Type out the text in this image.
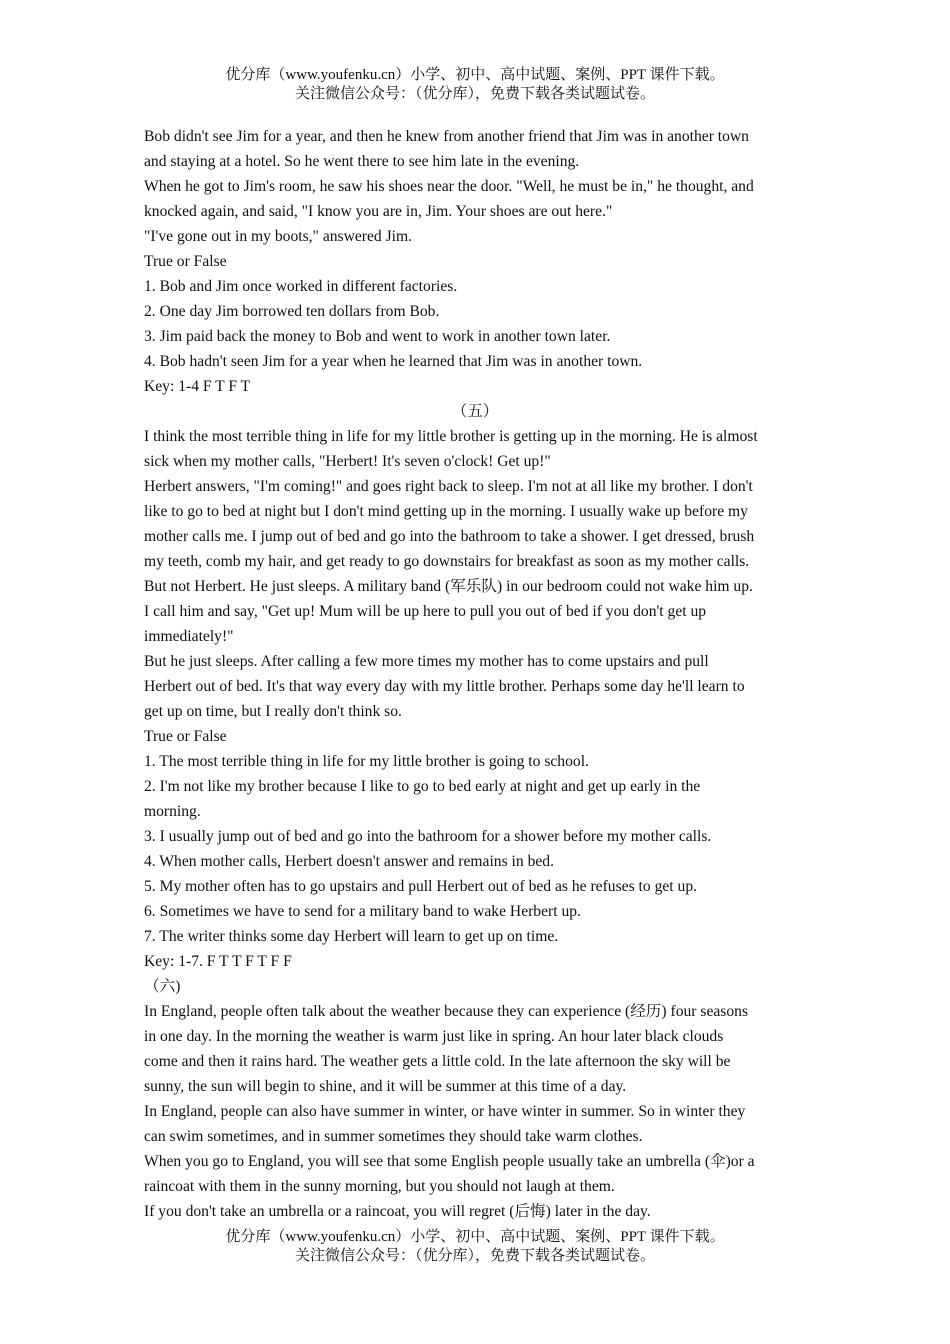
优分库（www.youfenku.cn）小学、初中、高中试题、案例、PPT 课件下载。
关注微信公众号：（优分库），免费下载各类试题试卷。
Bob didn't see Jim for a year, and then he knew from another friend that Jim was in another town
and staying at a hotel. So he went there to see him late in the evening.
When he got to Jim's room, he saw his shoes near the door. "Well, he must be in," he thought, and
knocked again, and said, "I know you are in, Jim. Your shoes are out here."
"I've gone out in my boots," answered Jim.
True or False
1. Bob and Jim once worked in different factories.
2. One day Jim borrowed ten dollars from Bob.
3. Jim paid back the money to Bob and went to work in another town later.
4. Bob hadn't seen Jim for a year when he learned that Jim was in another town.
Key: 1-4 F T F T
（五）
I think the most terrible thing in life for my little brother is getting up in the morning. He is almost
sick when my mother calls, "Herbert! It's seven o'clock! Get up!"
Herbert answers, "I'm coming!" and goes right back to sleep. I'm not at all like my brother. I don't
like to go to bed at night but I don't mind getting up in the morning. I usually wake up before my
mother calls me. I jump out of bed and go into the bathroom to take a shower. I get dressed, brush
my teeth, comb my hair, and get ready to go downstairs for breakfast as soon as my mother calls.
But not Herbert. He just sleeps. A military band (军乐队) in our bedroom could not wake him up.
I call him and say, "Get up! Mum will be up here to pull you out of bed if you don't get up
immediately!"
But he just sleeps. After calling a few more times my mother has to come upstairs and pull
Herbert out of bed. It's that way every day with my little brother. Perhaps some day he'll learn to
get up on time, but I really don't think so.
True or False
1. The most terrible thing in life for my little brother is going to school.
2. I'm not like my brother because I like to go to bed early at night and get up early in the
morning.
3. I usually jump out of bed and go into the bathroom for a shower before my mother calls.
4. When mother calls, Herbert doesn't answer and remains in bed.
5. My mother often has to go upstairs and pull Herbert out of bed as he refuses to get up.
6. Sometimes we have to send for a military band to wake Herbert up.
7. The writer thinks some day Herbert will learn to get up on time.
Key: 1-7. F T T F T F F
（六)
In England, people often talk about the weather because they can experience (经历) four seasons
in one day. In the morning the weather is warm just like in spring. An hour later black clouds
come and then it rains hard. The weather gets a little cold. In the late afternoon the sky will be
sunny, the sun will begin to shine, and it will be summer at this time of a day.
In England, people can also have summer in winter, or have winter in summer. So in winter they
can swim sometimes, and in summer sometimes they should take warm clothes.
When you go to England, you will see that some English people usually take an umbrella (伞)or a
raincoat with them in the sunny morning, but you should not laugh at them.
If you don't take an umbrella or a raincoat, you will regret (后悔) later in the day.
优分库（www.youfenku.cn）小学、初中、高中试题、案例、PPT 课件下载。
关注微信公众号：（优分库），免费下载各类试题试卷。
